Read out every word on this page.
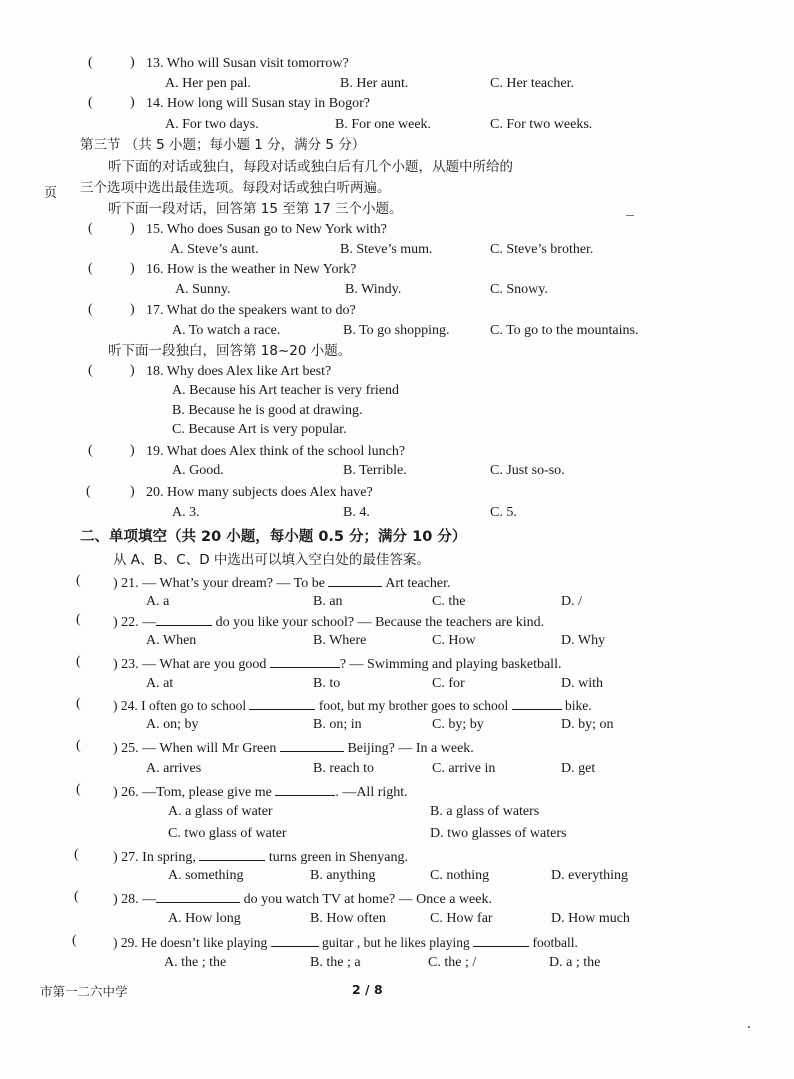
(	) 13. Who will Susan visit tomorrow?
A. Her pen pal.	B. Her aunt.	C. Her teacher.
(	) 14. How long will Susan stay in Bogor?
A. For two days.	B. For one week.	C. For two weeks.
第三节 （共 5 小题；每小题 1 分，满分 5 分）
听下面的对话或独白，每段对话或独白后有几个小题，从题中所给的
页 三个选项中选出最佳选项。每段对话或独白听两遍。
听下面一段对话，回答第 15 至第 17 三个小题。
(	) 15. Who does Susan go to New York with?
A. Steve’s aunt.	B. Steve’s mum.	C. Steve’s brother.
(	) 16. How is the weather in New York?
A. Sunny.	B. Windy.	C. Snowy.
(	) 17. What do the speakers want to do?
A. To watch a race.	B. To go shopping.	C. To go to the mountains.
听下面一段独白，回答第 18~20 小题。
(	) 18. Why does Alex like Art best?
A. Because his Art teacher is very friend
B. Because he is good at drawing.
C. Because Art is very popular.
(	) 19. What does Alex think of the school lunch?
A. Good.	B. Terrible.	C. Just so-so.
(	) 20. How many subjects does Alex have?
A. 3.	B. 4.	C. 5.
二、单项填空（共 20 小题，每小题 0.5 分；满分 10 分）
从 A、B、C、D 中选出可以填入空白处的最佳答案。
( ) 21. — What’s your dream? — To be	Art teacher.
A. a	B. an	C. the	D. /
( ) 22. —	do you like your school? — Because the teachers are kind.
A. When	B. Where	C. How	D. Why
( ) 23. — What are you good	? — Swimming and playing basketball.
A. at	B. to	C. for	D. with
( ) 24. I often go to school	foot, but my brother goes to school	bike.
A. on; by	B. on; in	C. by; by	D. by; on
( ) 25. — When will Mr Green	Beijing? — In a week.
A. arrives	B. reach to	C. arrive in	D. get
( ) 26. —Tom, please give me	. —All right.
A. a glass of water	B. a glass of waters
C. two glass of water	D. two glasses of waters
( ) 27. In spring,	turns green in Shenyang.
A. something	B. anything	C. nothing	D. everything
( ) 28. —	do you watch TV at home? — Once a week.
A. How long	B. How often	C. How far	D. How much
(	) 29. He doesn’t like playing	guitar , but he likes playing	football.
A. the ; the	B. the ; a	C. the ; /	D. a ; the
市第一二六中学	2 / 8
